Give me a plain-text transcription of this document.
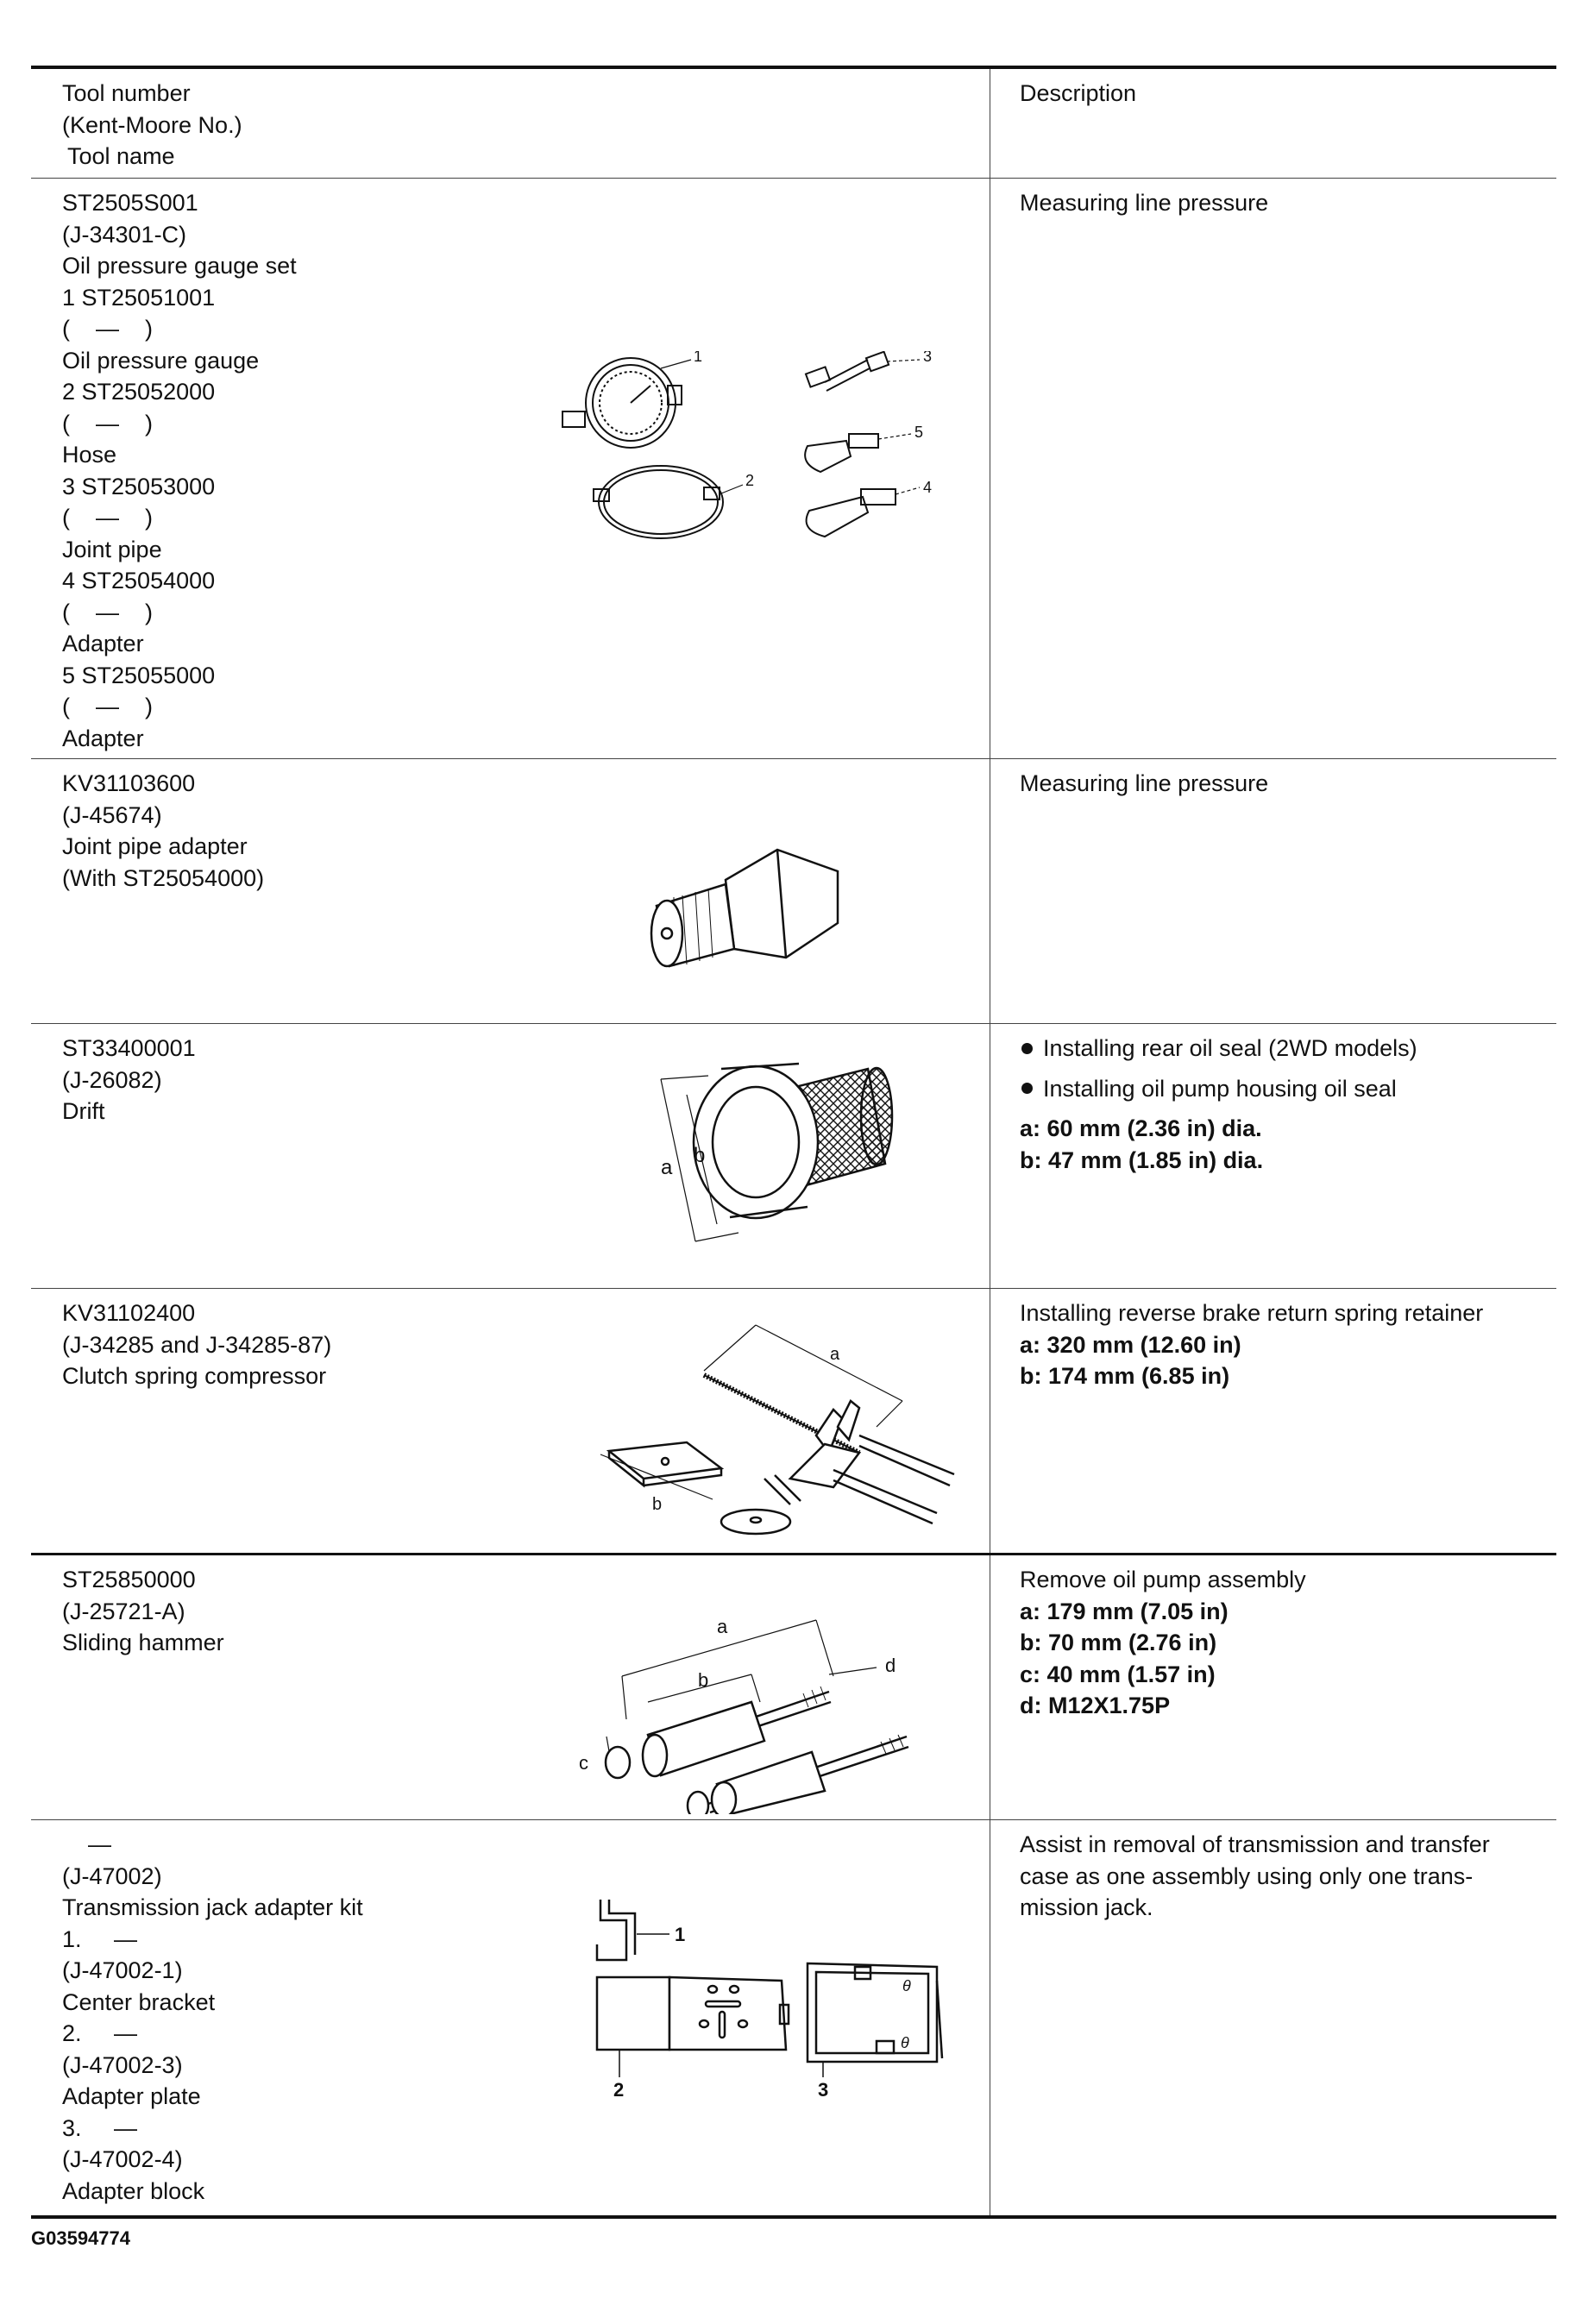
Tool number
(Kent-Moore No.)
Tool name
Description
ST2505S001
(J-34301-C)
Oil pressure gauge set
1 ST25051001
(    —    )
Oil pressure gauge
2 ST25052000
(    —    )
Hose
3 ST25053000
(    —    )
Joint pipe
4 ST25054000
(    —    )
Adapter
5 ST25055000
(    —    )
Adapter
1
2
3
4
5
Measuring line pressure
KV31103600
(J-45674)
Joint pipe adapter
(With ST25054000)
Measuring line pressure
ST33400001
(J-26082)
Drift
a
b
Installing rear oil seal (2WD models)
Installing oil pump housing oil seal
a: 60 mm (2.36 in) dia.
b: 47 mm (1.85 in) dia.
KV31102400
(J-34285 and J-34285-87)
Clutch spring compressor
a
b
Installing reverse brake return spring retainer
a: 320 mm (12.60 in)
b: 174 mm (6.85 in)
ST25850000
(J-25721-A)
Sliding hammer
a
b
c
d
Remove oil pump assembly
a: 179 mm (7.05 in)
b: 70 mm (2.76 in)
c: 40 mm (1.57 in)
d: M12X1.75P
—
(J-47002)
Transmission jack adapter kit
1.     —
(J-47002-1)
Center bracket
2.     —
(J-47002-3)
Adapter plate
3.     —
(J-47002-4)
Adapter block
1
2
θ
θ
3
Assist in removal of transmission and transfer
case as one assembly using only one trans-
mission jack.
G03594774
